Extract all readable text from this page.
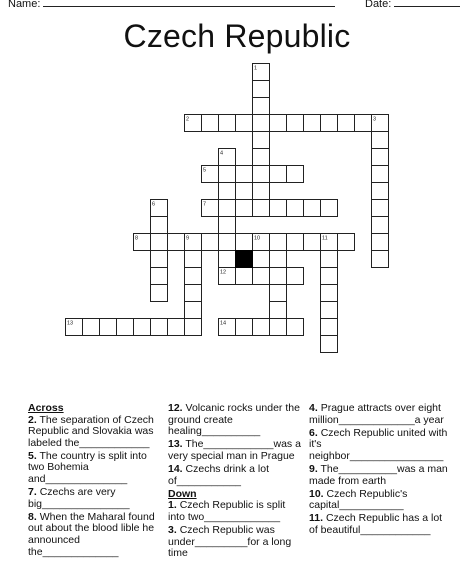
Name:	Date:
Czech Republic
1
2	3
4
5
6	7
8	9	10	11
12
13	14
Across
2. The separation of Czech Republic and Slovakia was labeled the____________
5. The country is split into two Bohemia and______________
7. Czechs are very big_______________
8. When the Maharal found out about the blood lible he announced the_____________
12. Volcanic rocks under the ground create healing__________
13. The____________was a very special man in Prague
14. Czechs drink a lot of___________
Down
1. Czech Republic is split into two_____________
3. Czech Republic was under_________for a long time
4. Prague attracts over eight million_____________a year
6. Czech Republic united with it's neighbor________________
9. The__________was a man made from earth
10. Czech Republic's capital___________
11. Czech Republic has a lot of beautiful____________
